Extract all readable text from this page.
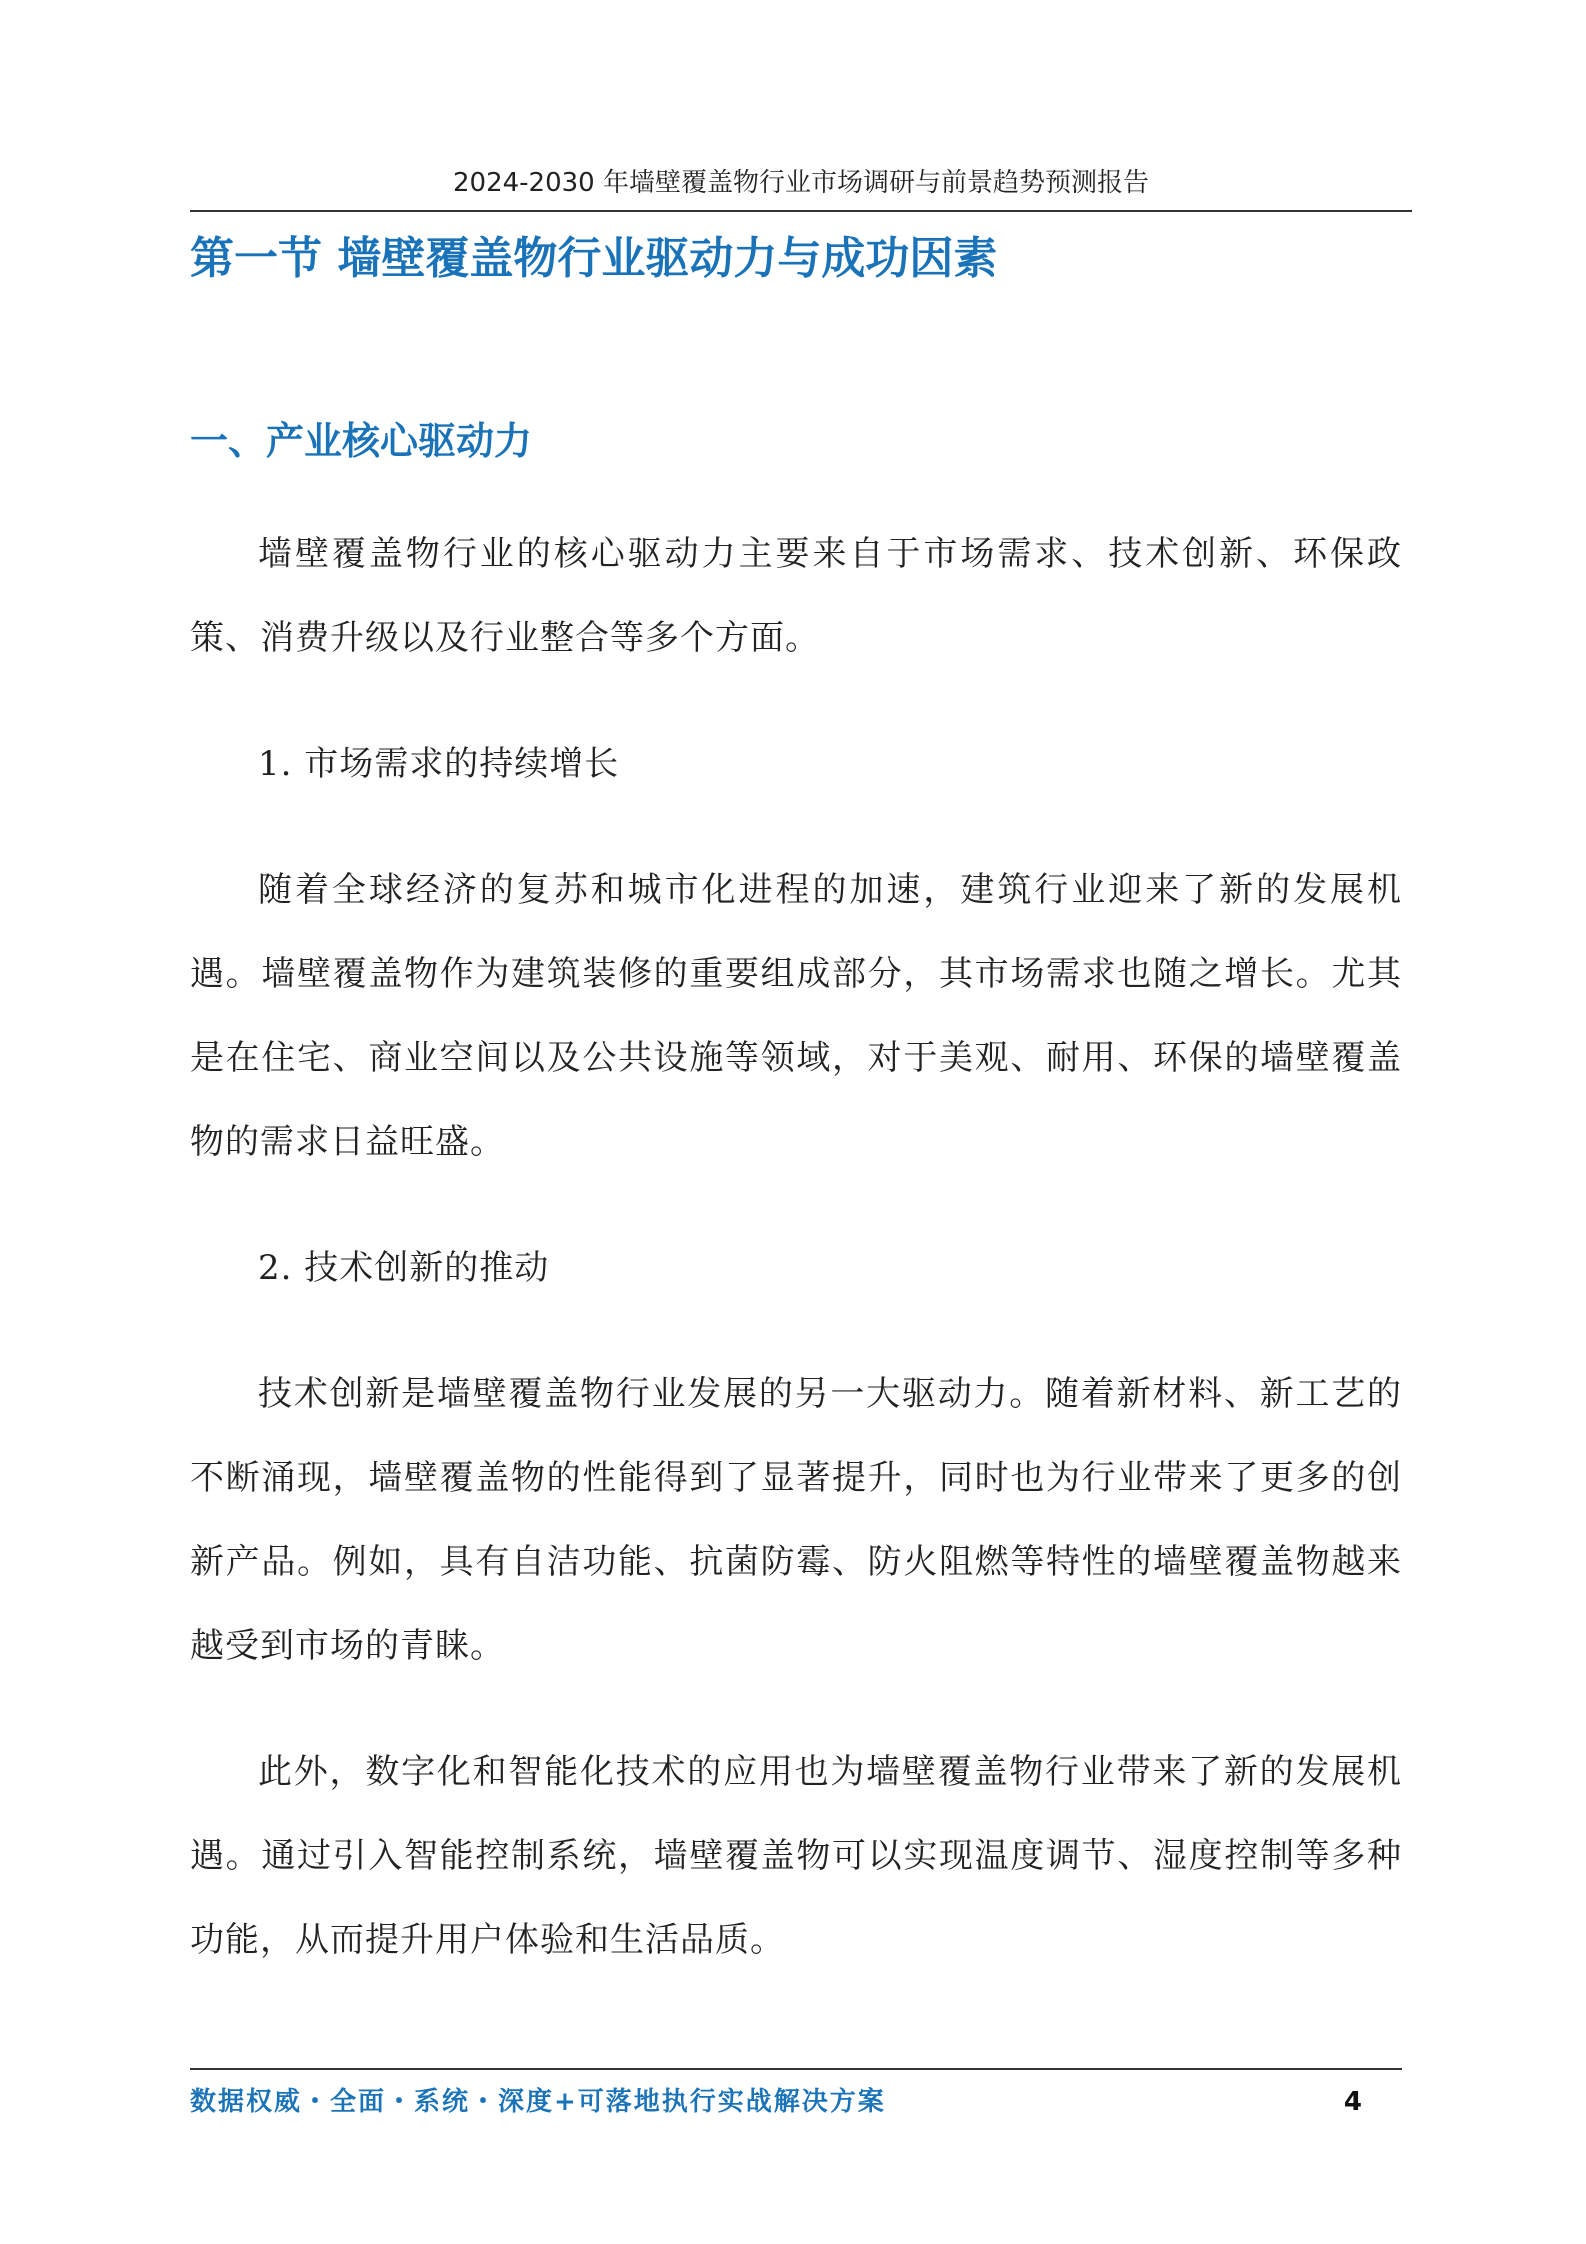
2024-2030 年墙壁覆盖物行业市场调研与前景趋势预测报告
第一节 墙壁覆盖物行业驱动力与成功因素
一、产业核心驱动力

墙壁覆盖物行业的核心驱动力主要来自于市场需求、技术创新、环保政策、消费升级以及行业整合等多个方面。

1. 市场需求的持续增长

随着全球经济的复苏和城市化进程的加速，建筑行业迎来了新的发展机遇。墙壁覆盖物作为建筑装修的重要组成部分，其市场需求也随之增长。尤其是在住宅、商业空间以及公共设施等领域，对于美观、耐用、环保的墙壁覆盖物的需求日益旺盛。

2. 技术创新的推动

技术创新是墙壁覆盖物行业发展的另一大驱动力。随着新材料、新工艺的不断涌现，墙壁覆盖物的性能得到了显著提升，同时也为行业带来了更多的创新产品。例如，具有自洁功能、抗菌防霉、防火阻燃等特性的墙壁覆盖物越来越受到市场的青睐。

此外，数字化和智能化技术的应用也为墙壁覆盖物行业带来了新的发展机遇。通过引入智能控制系统，墙壁覆盖物可以实现温度调节、湿度控制等多种功能，从而提升用户体验和生活品质。

数据权威・全面・系统・深度+可落地执行实战解决方案	4
